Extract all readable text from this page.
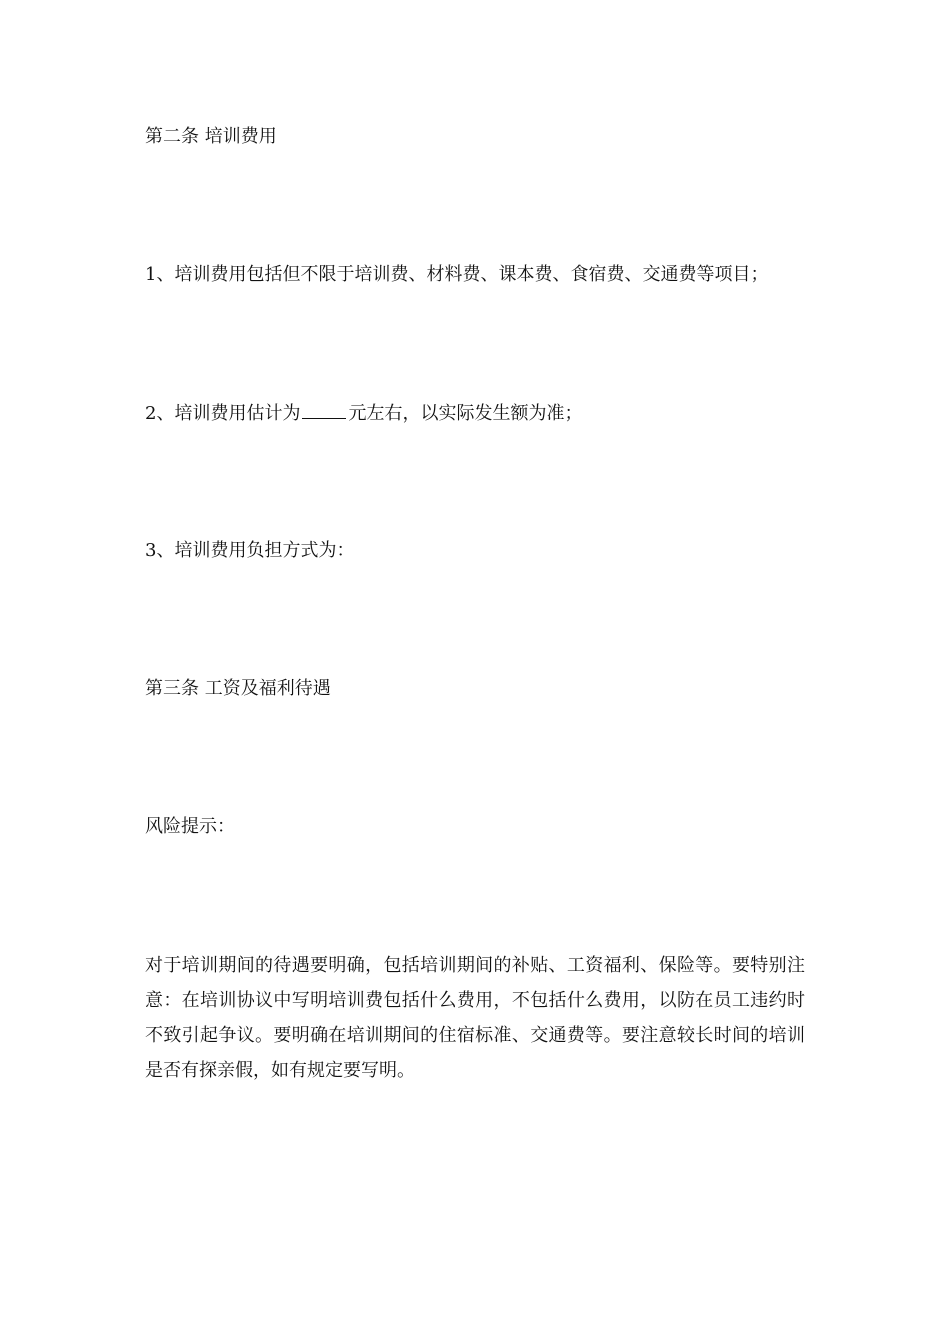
第二条 培训费用

1、培训费用包括但不限于培训费、材料费、课本费、食宿费、交通费等项目；

2、培训费用估计为	元左右，以实际发生额为准；

3、培训费用负担方式为：

第三条 工资及福利待遇

风险提示：

对于培训期间的待遇要明确，包括培训期间的补贴、工资福利、保险等。要特别注意：在培训协议中写明培训费包括什么费用，不包括什么费用，以防在员工违约时不致引起争议。要明确在培训期间的住宿标准、交通费等。要注意较长时间的培训是否有探亲假，如有规定要写明。
